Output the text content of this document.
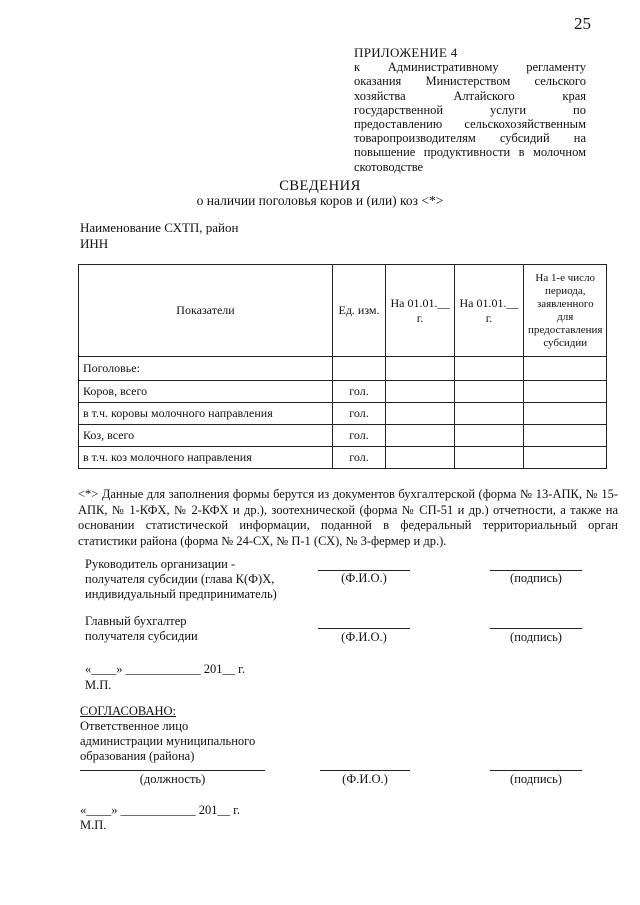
25
ПРИЛОЖЕНИЕ 4
к Административному регламенту оказания Министерством сельского хозяйства Алтайского края государственной услуги по предоставлению сельскохозяйственным товаропроизводителям субсидий на повышение продуктивности в молочном скотоводстве
СВЕДЕНИЯ
о наличии поголовья коров и (или) коз <*>
Наименование СХТП, район
ИНН
Показатели	Ед. изм.	На 01.01.__ г.	На 01.01.__ г.	На 1-е число периода, заявленного для предоставления субсидии
Поголовье:				
Коров, всего	гол.			
в т.ч. коровы молочного направления	гол.			
Коз, всего	гол.			
в т.ч. коз молочного направления	гол.			
<*> Данные для заполнения формы берутся из документов бухгалтерской (форма № 13-АПК, № 15-АПК, № 1-КФХ, № 2-КФХ и др.), зоотехнической (форма № СП-51 и др.) отчетности, а также на основании статистической информации, поданной в федеральный территориальный орган статистики района (форма № 24-СХ, № П-1 (СХ), № 3-фермер и др.).
Руководитель организации -
получателя субсидии (глава К(Ф)Х,
индивидуальный предприниматель)
(Ф.И.О.)	(подпись)
Главный бухгалтер
получателя субсидии	(Ф.И.О.)	(подпись)
«____» ____________ 201__ г.
М.П.
СОГЛАСОВАНО:
Ответственное лицо
администрации муниципального
образования (района)
(должность)	(Ф.И.О.)	(подпись)
«____» ____________ 201__ г.
М.П.
